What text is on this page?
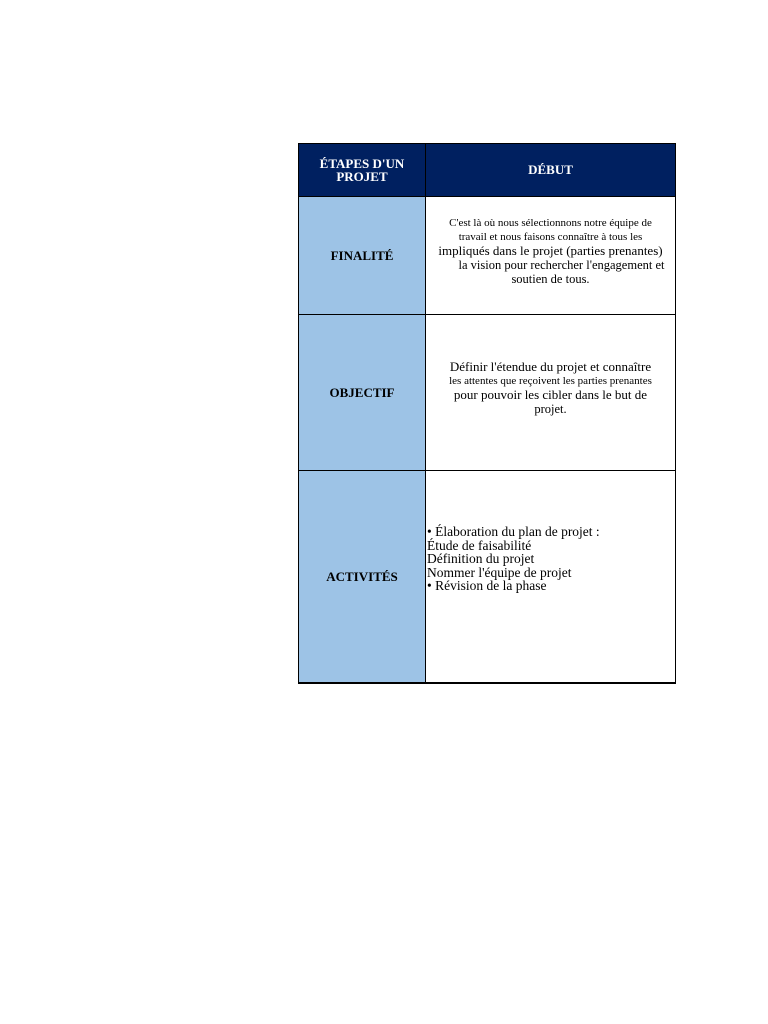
ÉTAPES D'UN PROJET	DÉBUT
FINALITÉ
C'est là où nous sélectionnons notre équipe de
travail et nous faisons connaître à tous les
impliqués dans le projet (parties prenantes)
la vision pour rechercher l'engagement et
soutien de tous.
OBJECTIF
Définir l'étendue du projet et connaître
les attentes que reçoivent les parties prenantes
pour pouvoir les cibler dans le but de
projet.
ACTIVITÉS
• Élaboration du plan de projet :
Étude de faisabilité
Définition du projet
Nommer l'équipe de projet
• Révision de la phase
